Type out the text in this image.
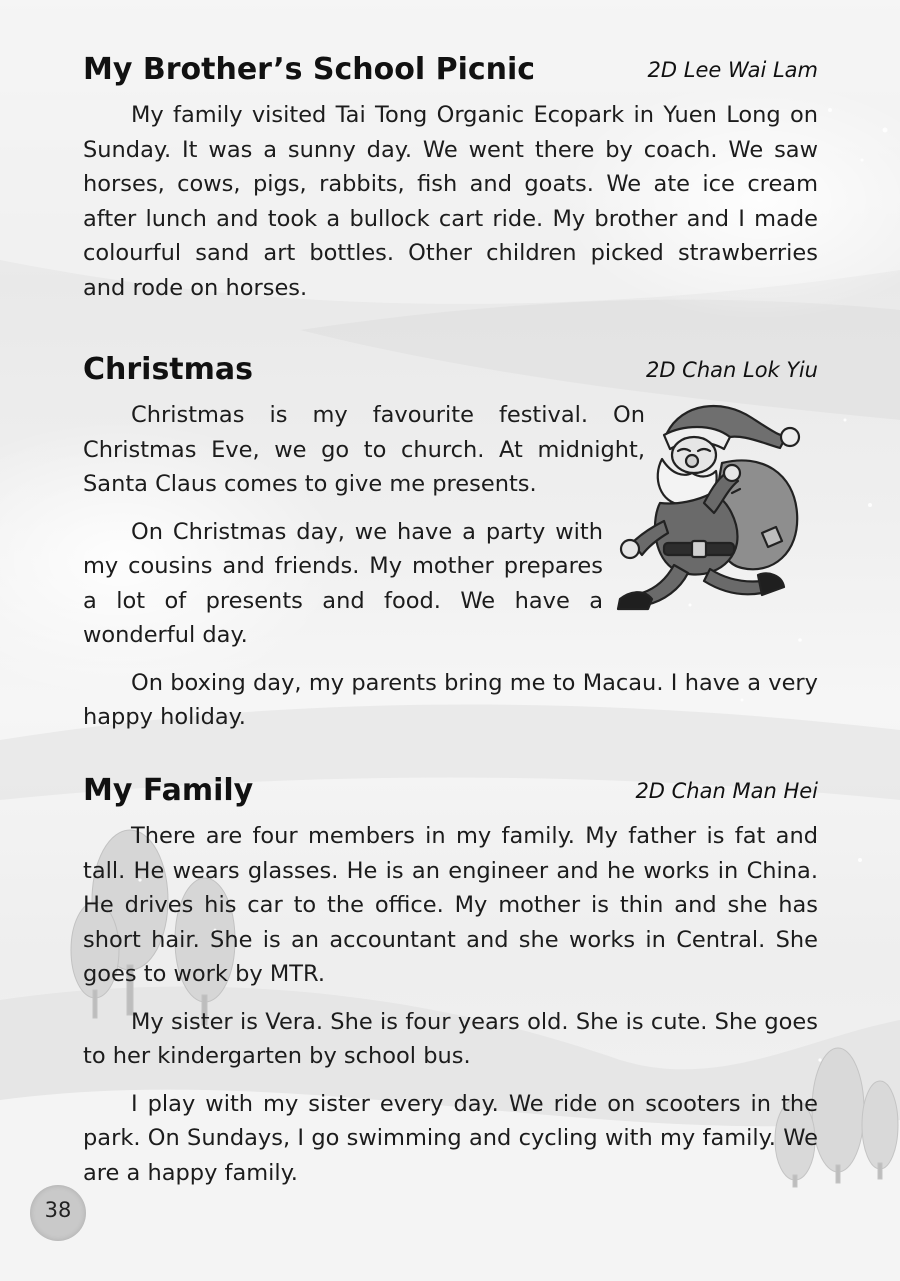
My Brother’s School Picnic	2D Lee Wai Lam

My family visited Tai Tong Organic Ecopark in Yuen Long on Sunday. It was a sunny day. We went there by coach. We saw horses, cows, pigs, rabbits, fish and goats. We ate ice cream after lunch and took a bullock cart ride. My brother and I made colourful sand art bottles. Other children picked strawberries and rode on horses.

Christmas	2D Chan Lok Yiu

Christmas is my favourite festival. On Christmas Eve, we go to church. At midnight, Santa Claus comes to give me presents.

On Christmas day, we have a party with my cousins and friends. My mother prepares a lot of presents and food. We have a wonderful day.

On boxing day, my parents bring me to Macau. I have a very happy holiday.

My Family	2D Chan Man Hei

There are four members in my family. My father is fat and tall. He wears glasses. He is an engineer and he works in China. He drives his car to the office. My mother is thin and she has short hair. She is an accountant and she works in Central. She goes to work by MTR.

My sister is Vera. She is four years old. She is cute. She goes to her kindergarten by school bus.

I play with my sister every day. We ride on scooters in the park. On Sundays, I go swimming and cycling with my family. We are a happy family.

38
